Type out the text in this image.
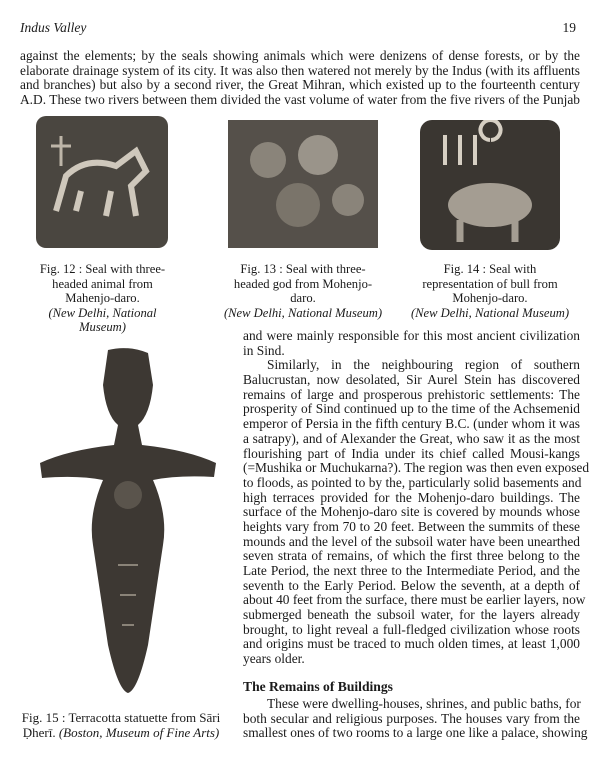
Indus Valley	19
against the elements; by the seals showing animals which were denizens of dense forests, or by the
elaborate drainage system of its city. It was also then watered not merely by the Indus (with its affluents
and branches) but also by a second river, the Great Mihran, which existed up to the fourteenth century
A.D. These two rivers between them divided the vast volume of water from the five rivers of the Punjab
Fig. 12 : Seal with three-
headed animal from
Mahenjo-daro.
(New Delhi, National
Museum)
Fig. 13 : Seal with three-
headed god from Mohenjo-
daro.
(New Delhi, National Museum)
Fig. 14 : Seal with
representation of bull from
Mohenjo-daro.
(New Delhi, National Museum)
Fig. 15 : Terracotta statuette from Sāri
Ḍherī. (Boston, Museum of Fine Arts)
and were mainly responsible for this most ancient civilization
in Sind.
Similarly, in the neighbouring region of southern
Balucrustan, now desolated, Sir Aurel Stein has discovered
remains of large and prosperous prehistoric settlements: The
prosperity of Sind continued up to the time of the Achsemenid
emperor of Persia in the fifth century B.C. (under whom it was
a satrapy), and of Alexander the Great, who saw it as the most
flourishing part of India under its chief called Mousi-kangs
(=Mushika or Muchukarna?). The region was then even exposed
to floods, as pointed to by the, particularly solid basements and
high terraces provided for the Mohenjo-daro buildings. The
surface of the Mohenjo-daro site is covered by mounds whose
heights vary from 70 to 20 feet. Between the summits of these
mounds and the level of the subsoil water have been unearthed
seven strata of remains, of which the first three belong to the
Late Period, the next three to the Intermediate Period, and the
seventh to the Early Period. Below the seventh, at a depth of
about 40 feet from the surface, there must be earlier layers, now
submerged beneath the subsoil water, for the layers already
brought, to light reveal a full-fledged civilization whose roots
and origins must be traced to much olden times, at least 1,000
years older.
The Remains of Buildings
These were dwelling-houses, shrines, and public baths, for
both secular and religious purposes. The houses vary from the
smallest ones of two rooms to a large one like a palace, showing
